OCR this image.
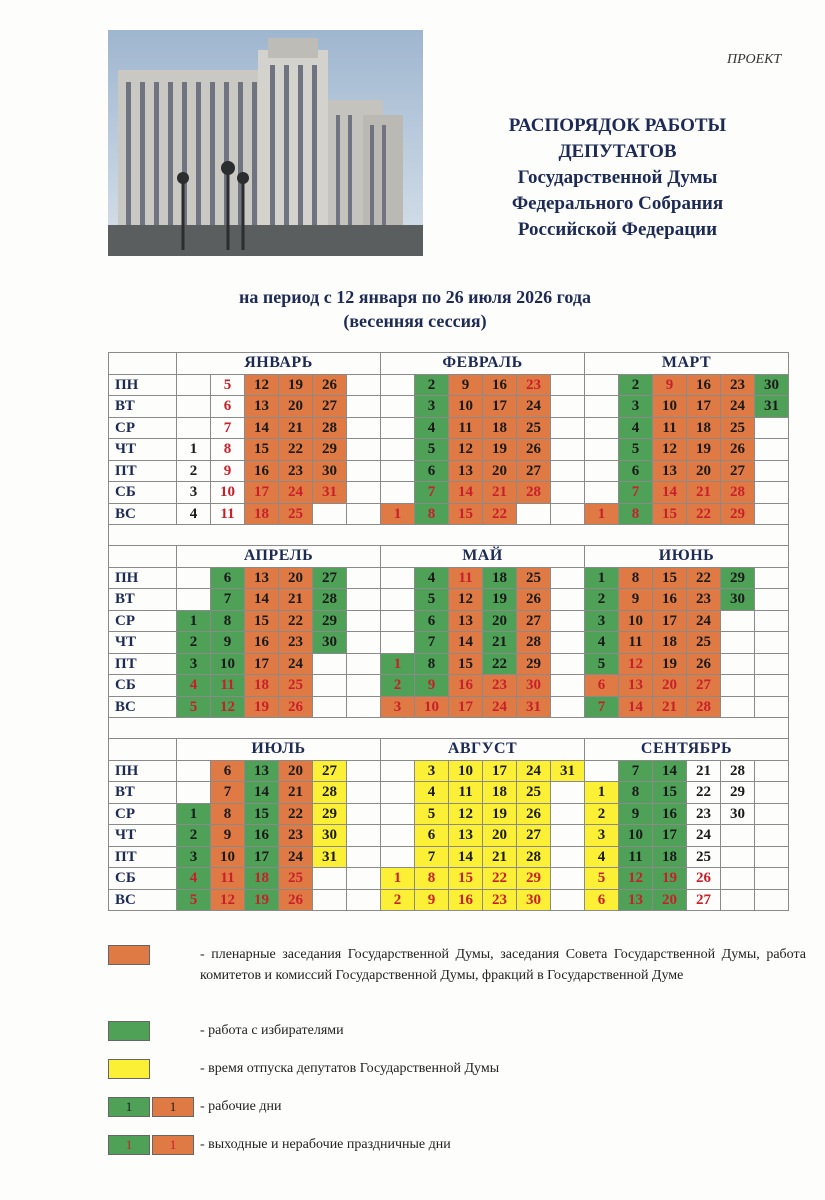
ПРОЕКТ
РАСПОРЯДОК РАБОТЫ
ДЕПУТАТОВ
Государственной Думы
Федерального Собрания
Российской Федерации
на период с 12 января по 26 июля 2026 года
(весенняя сессия)
	ЯНВАРЬ						ФЕВРАЛЬ						МАРТ					
ПН		5	12	19	26			2	9	16	23			2	9	16	23	30
ВТ		6	13	20	27			3	10	17	24			3	10	17	24	31
СР		7	14	21	28			4	11	18	25			4	11	18	25	
ЧТ	1	8	15	22	29			5	12	19	26			5	12	19	26	
ПТ	2	9	16	23	30			6	13	20	27			6	13	20	27	
СБ	3	10	17	24	31			7	14	21	28			7	14	21	28	
ВС	4	11	18	25			1	8	15	22			1	8	15	22	29	

	АПРЕЛЬ						МАЙ						ИЮНЬ					
ПН		6	13	20	27			4	11	18	25		1	8	15	22	29	
ВТ		7	14	21	28			5	12	19	26		2	9	16	23	30	
СР	1	8	15	22	29			6	13	20	27		3	10	17	24		
ЧТ	2	9	16	23	30			7	14	21	28		4	11	18	25		
ПТ	3	10	17	24			1	8	15	22	29		5	12	19	26		
СБ	4	11	18	25			2	9	16	23	30		6	13	20	27		
ВС	5	12	19	26			3	10	17	24	31		7	14	21	28		

	ИЮЛЬ						АВГУСТ						СЕНТЯБРЬ					
ПН		6	13	20	27			3	10	17	24	31		7	14	21	28	
ВТ		7	14	21	28			4	11	18	25		1	8	15	22	29	
СР	1	8	15	22	29			5	12	19	26		2	9	16	23	30	
ЧТ	2	9	16	23	30			6	13	20	27		3	10	17	24		
ПТ	3	10	17	24	31			7	14	21	28		4	11	18	25		
СБ	4	11	18	25			1	8	15	22	29		5	12	19	26		
ВС	5	12	19	26			2	9	16	23	30		6	13	20	27		
- пленарные заседания Государственной Думы, заседания Совета Государственной Думы, работа комитетов и комиссий Государственной Думы, фракций в Государственной Думе
- работа с избирателями
- время отпуска депутатов Государственной Думы
1	1	- рабочие дни
1	1	- выходные и нерабочие праздничные дни
